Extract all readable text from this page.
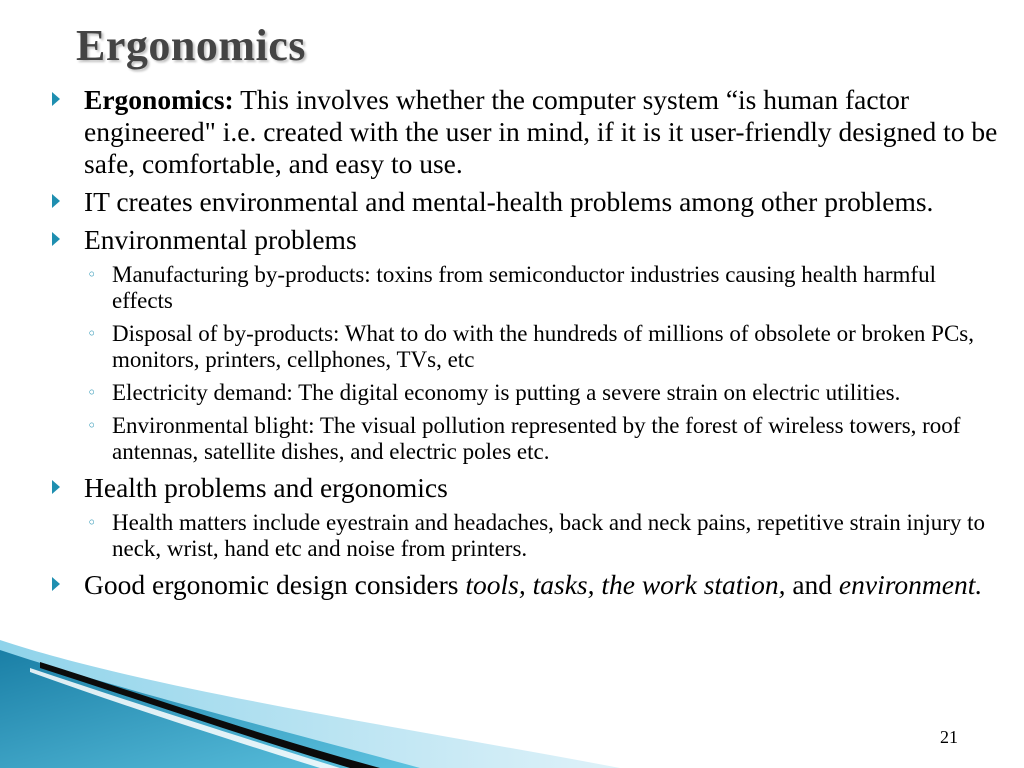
Ergonomics
Ergonomics: This involves whether the computer system “is human factor engineered" i.e. created with the user in mind, if it is it user-friendly designed to be safe, comfortable, and easy to use.
IT creates environmental and mental-health problems among other problems.
Environmental problems
◦ Manufacturing by-products: toxins from semiconductor industries causing health harmful effects
◦ Disposal of by-products: What to do with the hundreds of millions of obsolete or broken PCs, monitors, printers, cellphones, TVs, etc
◦ Electricity demand: The digital economy is putting a severe strain on electric utilities.
◦ Environmental blight: The visual pollution represented by the forest of wireless towers, roof antennas, satellite dishes, and electric poles etc.
Health problems and ergonomics
◦ Health matters include eyestrain and headaches, back and neck pains, repetitive strain injury to neck, wrist, hand etc and noise from printers.
Good ergonomic design considers tools, tasks, the work station, and environment.
21
